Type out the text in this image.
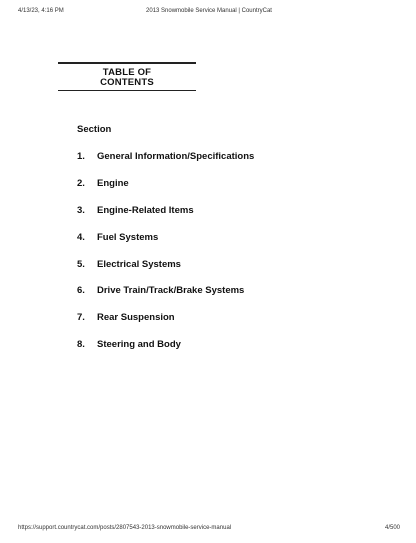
4/13/23, 4:16 PM	2013 Snowmobile Service Manual | CountryCat
TABLE OF
CONTENTS
Section
1. General Information/Specifications
2. Engine
3. Engine-Related Items
4. Fuel Systems
5. Electrical Systems
6. Drive Train/Track/Brake Systems
7. Rear Suspension
8. Steering and Body
https://support.countrycat.com/posts/2807543-2013-snowmobile-service-manual	4/500
